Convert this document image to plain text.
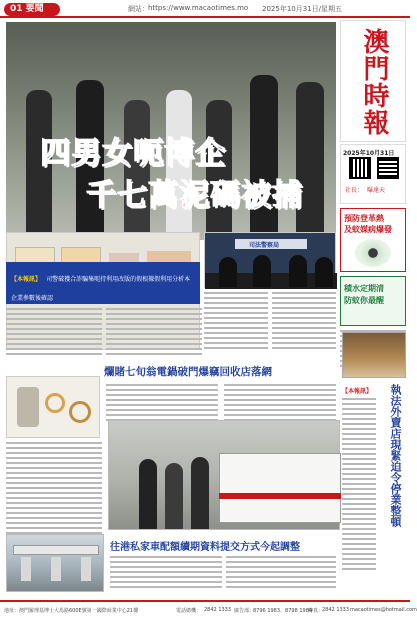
01 要聞	網站： https://www.macaotimes.mo 2025年10月31日/星期五
澳門時報
2025年10月31日
社長： 曝達天
預防登革熱
及蚊媒病爆發
積水定期清
防蚊你最醒
四男女呃博企
千七萬泥碼被捕
【本報訊】 司警破獲合詐騙集呃持利用改版的假根據假利用分析本企業參數後確認
司法警察局
爛賭七旬翁電鍋破門爆竊回收店落網
執法外賣店現緊迫令停業整頓
【本報訊】
往港私家車配額續期資料提交方式今起調整
地址：澳門羅理基博士大馬路600E號第一國際商業中心21樓	電話總機： 2842 1333 廣告部：
8796 1983、8798 1984
傳真：
2842 1333 macaotimes@hotmail.com
